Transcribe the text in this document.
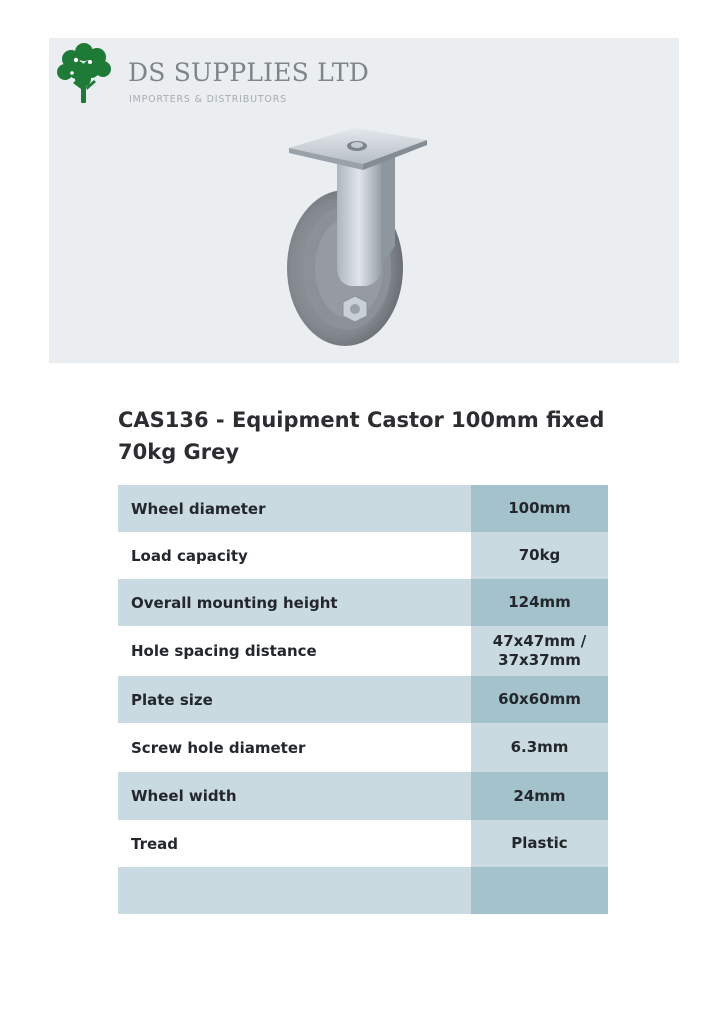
DS SUPPLIES LTD
IMPORTERS & DISTRIBUTORS
CAS136 - Equipment Castor 100mm fixed 70kg Grey
Wheel diameter	100mm
Load capacity	70kg
Overall mounting height	124mm
Hole spacing distance	47x47mm / 37x37mm
Plate size	60x60mm
Screw hole diameter	6.3mm
Wheel width	24mm
Tread	Plastic
